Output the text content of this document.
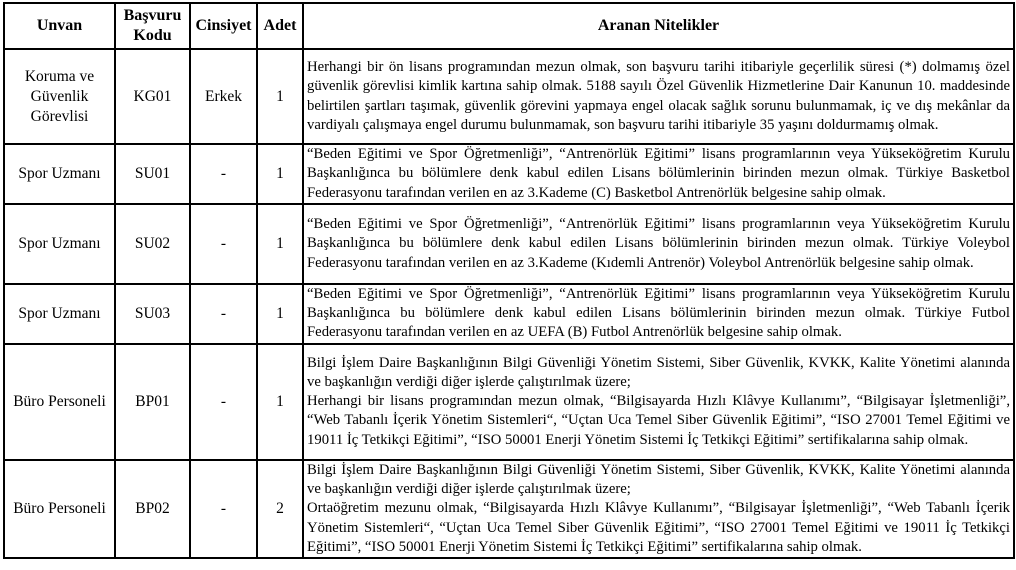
Unvan	Başvuru Kodu	Cinsiyet	Adet	Aranan Nitelikler
Koruma ve Güvenlik Görevlisi	KG01	Erkek	1	Herhangi bir ön lisans programından mezun olmak, son başvuru tarihi itibariyle geçerlilik süresi (*) dolmamış özel güvenlik görevlisi kimlik kartına sahip olmak. 5188 sayılı Özel Güvenlik Hizmetlerine Dair Kanunun 10. maddesinde belirtilen şartları taşımak, güvenlik görevini yapmaya engel olacak sağlık sorunu bulunmamak, iç ve dış mekânlar da vardiyalı çalışmaya engel durumu bulunmamak, son başvuru tarihi itibariyle 35 yaşını doldurmamış olmak.

Spor Uzmanı	SU01	-	1	“Beden Eğitimi ve Spor Öğretmenliği”, “Antrenörlük Eğitimi” lisans programlarının veya Yükseköğretim Kurulu Başkanlığınca bu bölümlere denk kabul edilen Lisans bölümlerinin birinden mezun olmak. Türkiye Basketbol Federasyonu tarafından verilen en az 3.Kademe (C) Basketbol Antrenörlük belgesine sahip olmak.

Spor Uzmanı	SU02	-	1	“Beden Eğitimi ve Spor Öğretmenliği”, “Antrenörlük Eğitimi” lisans programlarının veya Yükseköğretim Kurulu Başkanlığınca bu bölümlere denk kabul edilen Lisans bölümlerinin birinden mezun olmak. Türkiye Voleybol Federasyonu tarafından verilen en az 3.Kademe (Kıdemli Antrenör) Voleybol Antrenörlük belgesine sahip olmak.

Spor Uzmanı	SU03	-	1	“Beden Eğitimi ve Spor Öğretmenliği”, “Antrenörlük Eğitimi” lisans programlarının veya Yükseköğretim Kurulu Başkanlığınca bu bölümlere denk kabul edilen Lisans bölümlerinin birinden mezun olmak. Türkiye Futbol Federasyonu tarafından verilen en az UEFA (B) Futbol Antrenörlük belgesine sahip olmak.

Büro Personeli	BP01	-	1	Bilgi İşlem Daire Başkanlığının Bilgi Güvenliği Yönetim Sistemi, Siber Güvenlik, KVKK, Kalite Yönetimi alanında ve başkanlığın verdiği diğer işlerde çalıştırılmak üzere;
Herhangi bir lisans programından mezun olmak, “Bilgisayarda Hızlı Klâvye Kullanımı”, “Bilgisayar İşletmenliği”, “Web Tabanlı İçerik Yönetim Sistemleri“, “Uçtan Uca Temel Siber Güvenlik Eğitimi”, “ISO 27001 Temel Eğitimi ve 19011 İç Tetkikçi Eğitimi”, “ISO 50001 Enerji Yönetim Sistemi İç Tetkikçi Eğitimi” sertifikalarına sahip olmak.

Büro Personeli	BP02	-	2	Bilgi İşlem Daire Başkanlığının Bilgi Güvenliği Yönetim Sistemi, Siber Güvenlik, KVKK, Kalite Yönetimi alanında ve başkanlığın verdiği diğer işlerde çalıştırılmak üzere;
Ortaöğretim mezunu olmak, “Bilgisayarda Hızlı Klâvye Kullanımı”, “Bilgisayar İşletmenliği”, “Web Tabanlı İçerik Yönetim Sistemleri“, “Uçtan Uca Temel Siber Güvenlik Eğitimi”, “ISO 27001 Temel Eğitimi ve 19011 İç Tetkikçi Eğitimi”, “ISO 50001 Enerji Yönetim Sistemi İç Tetkikçi Eğitimi” sertifikalarına sahip olmak.
